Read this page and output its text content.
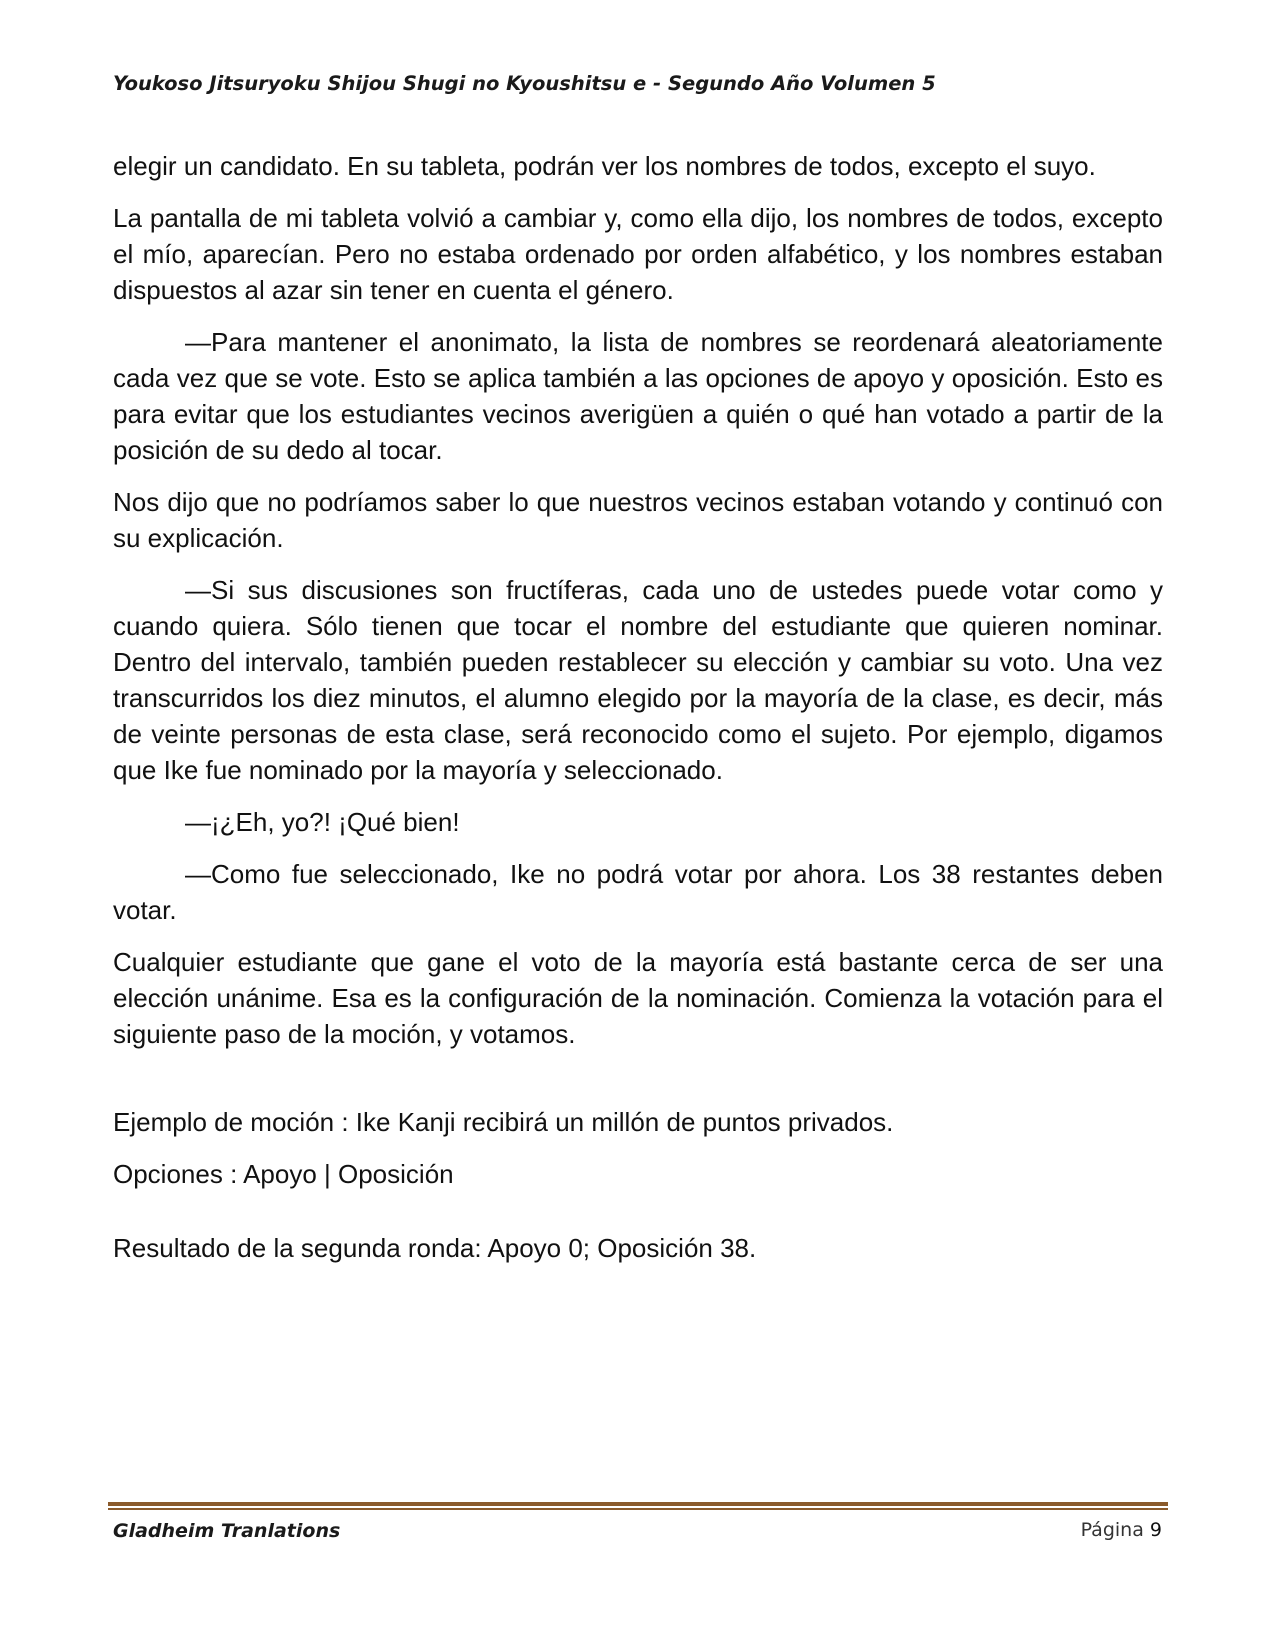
Youkoso Jitsuryoku Shijou Shugi no Kyoushitsu e - Segundo Año Volumen 5

elegir un candidato. En su tableta, podrán ver los nombres de todos, excepto el suyo.

La pantalla de mi tableta volvió a cambiar y, como ella dijo, los nombres de todos, excepto el mío, aparecían. Pero no estaba ordenado por orden alfabético, y los nombres estaban dispuestos al azar sin tener en cuenta el género.

—Para mantener el anonimato, la lista de nombres se reordenará aleatoriamente cada vez que se vote. Esto se aplica también a las opciones de apoyo y oposición. Esto es para evitar que los estudiantes vecinos averigüen a quién o qué han votado a partir de la posición de su dedo al tocar.

Nos dijo que no podríamos saber lo que nuestros vecinos estaban votando y continuó con su explicación.

—Si sus discusiones son fructíferas, cada uno de ustedes puede votar como y cuando quiera. Sólo tienen que tocar el nombre del estudiante que quieren nominar. Dentro del intervalo, también pueden restablecer su elección y cambiar su voto. Una vez transcurridos los diez minutos, el alumno elegido por la mayoría de la clase, es decir, más de veinte personas de esta clase, será reconocido como el sujeto. Por ejemplo, digamos que Ike fue nominado por la mayoría y seleccionado.

—¡¿Eh, yo?! ¡Qué bien!

—Como fue seleccionado, Ike no podrá votar por ahora. Los 38 restantes deben votar.

Cualquier estudiante que gane el voto de la mayoría está bastante cerca de ser una elección unánime. Esa es la configuración de la nominación. Comienza la votación para el siguiente paso de la moción, y votamos.

Ejemplo de moción : Ike Kanji recibirá un millón de puntos privados.

Opciones : Apoyo | Oposición

Resultado de la segunda ronda: Apoyo 0; Oposición 38.

Gladheim Tranlations	Página 9
